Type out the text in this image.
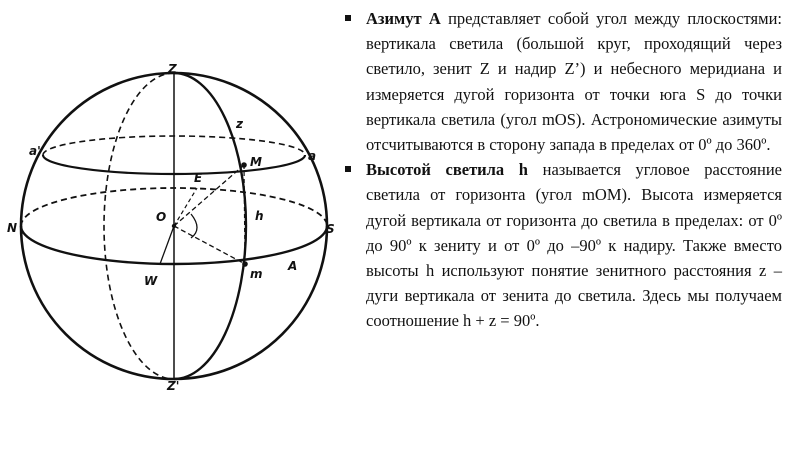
Z
Z'
N	S
W
E
O
M
m
a'	a
z
h
A
Азимут А представляет собой угол между плоскостями: вертикала светила (большой круг, проходящий через светило, зенит Z и надир Z’) и небесного меридиана и измеряется дугой горизонта от точки юга S до точки вертикала светила (угол mOS). Астрономические азимуты отсчитываются в сторону запада в пределах от 0º до 360º.
Высотой светила h называется угловое расстояние светила от горизонта (угол mOM). Высота измеряется дугой вертикала от горизонта до светила в пределах: от 0º до 90º к зениту и от 0º до –90º к надиру. Также вместо высоты h используют понятие зенитного расстояния z – дуги вертикала от зенита до светила. Здесь мы получаем соотношение h + z = 90º.
